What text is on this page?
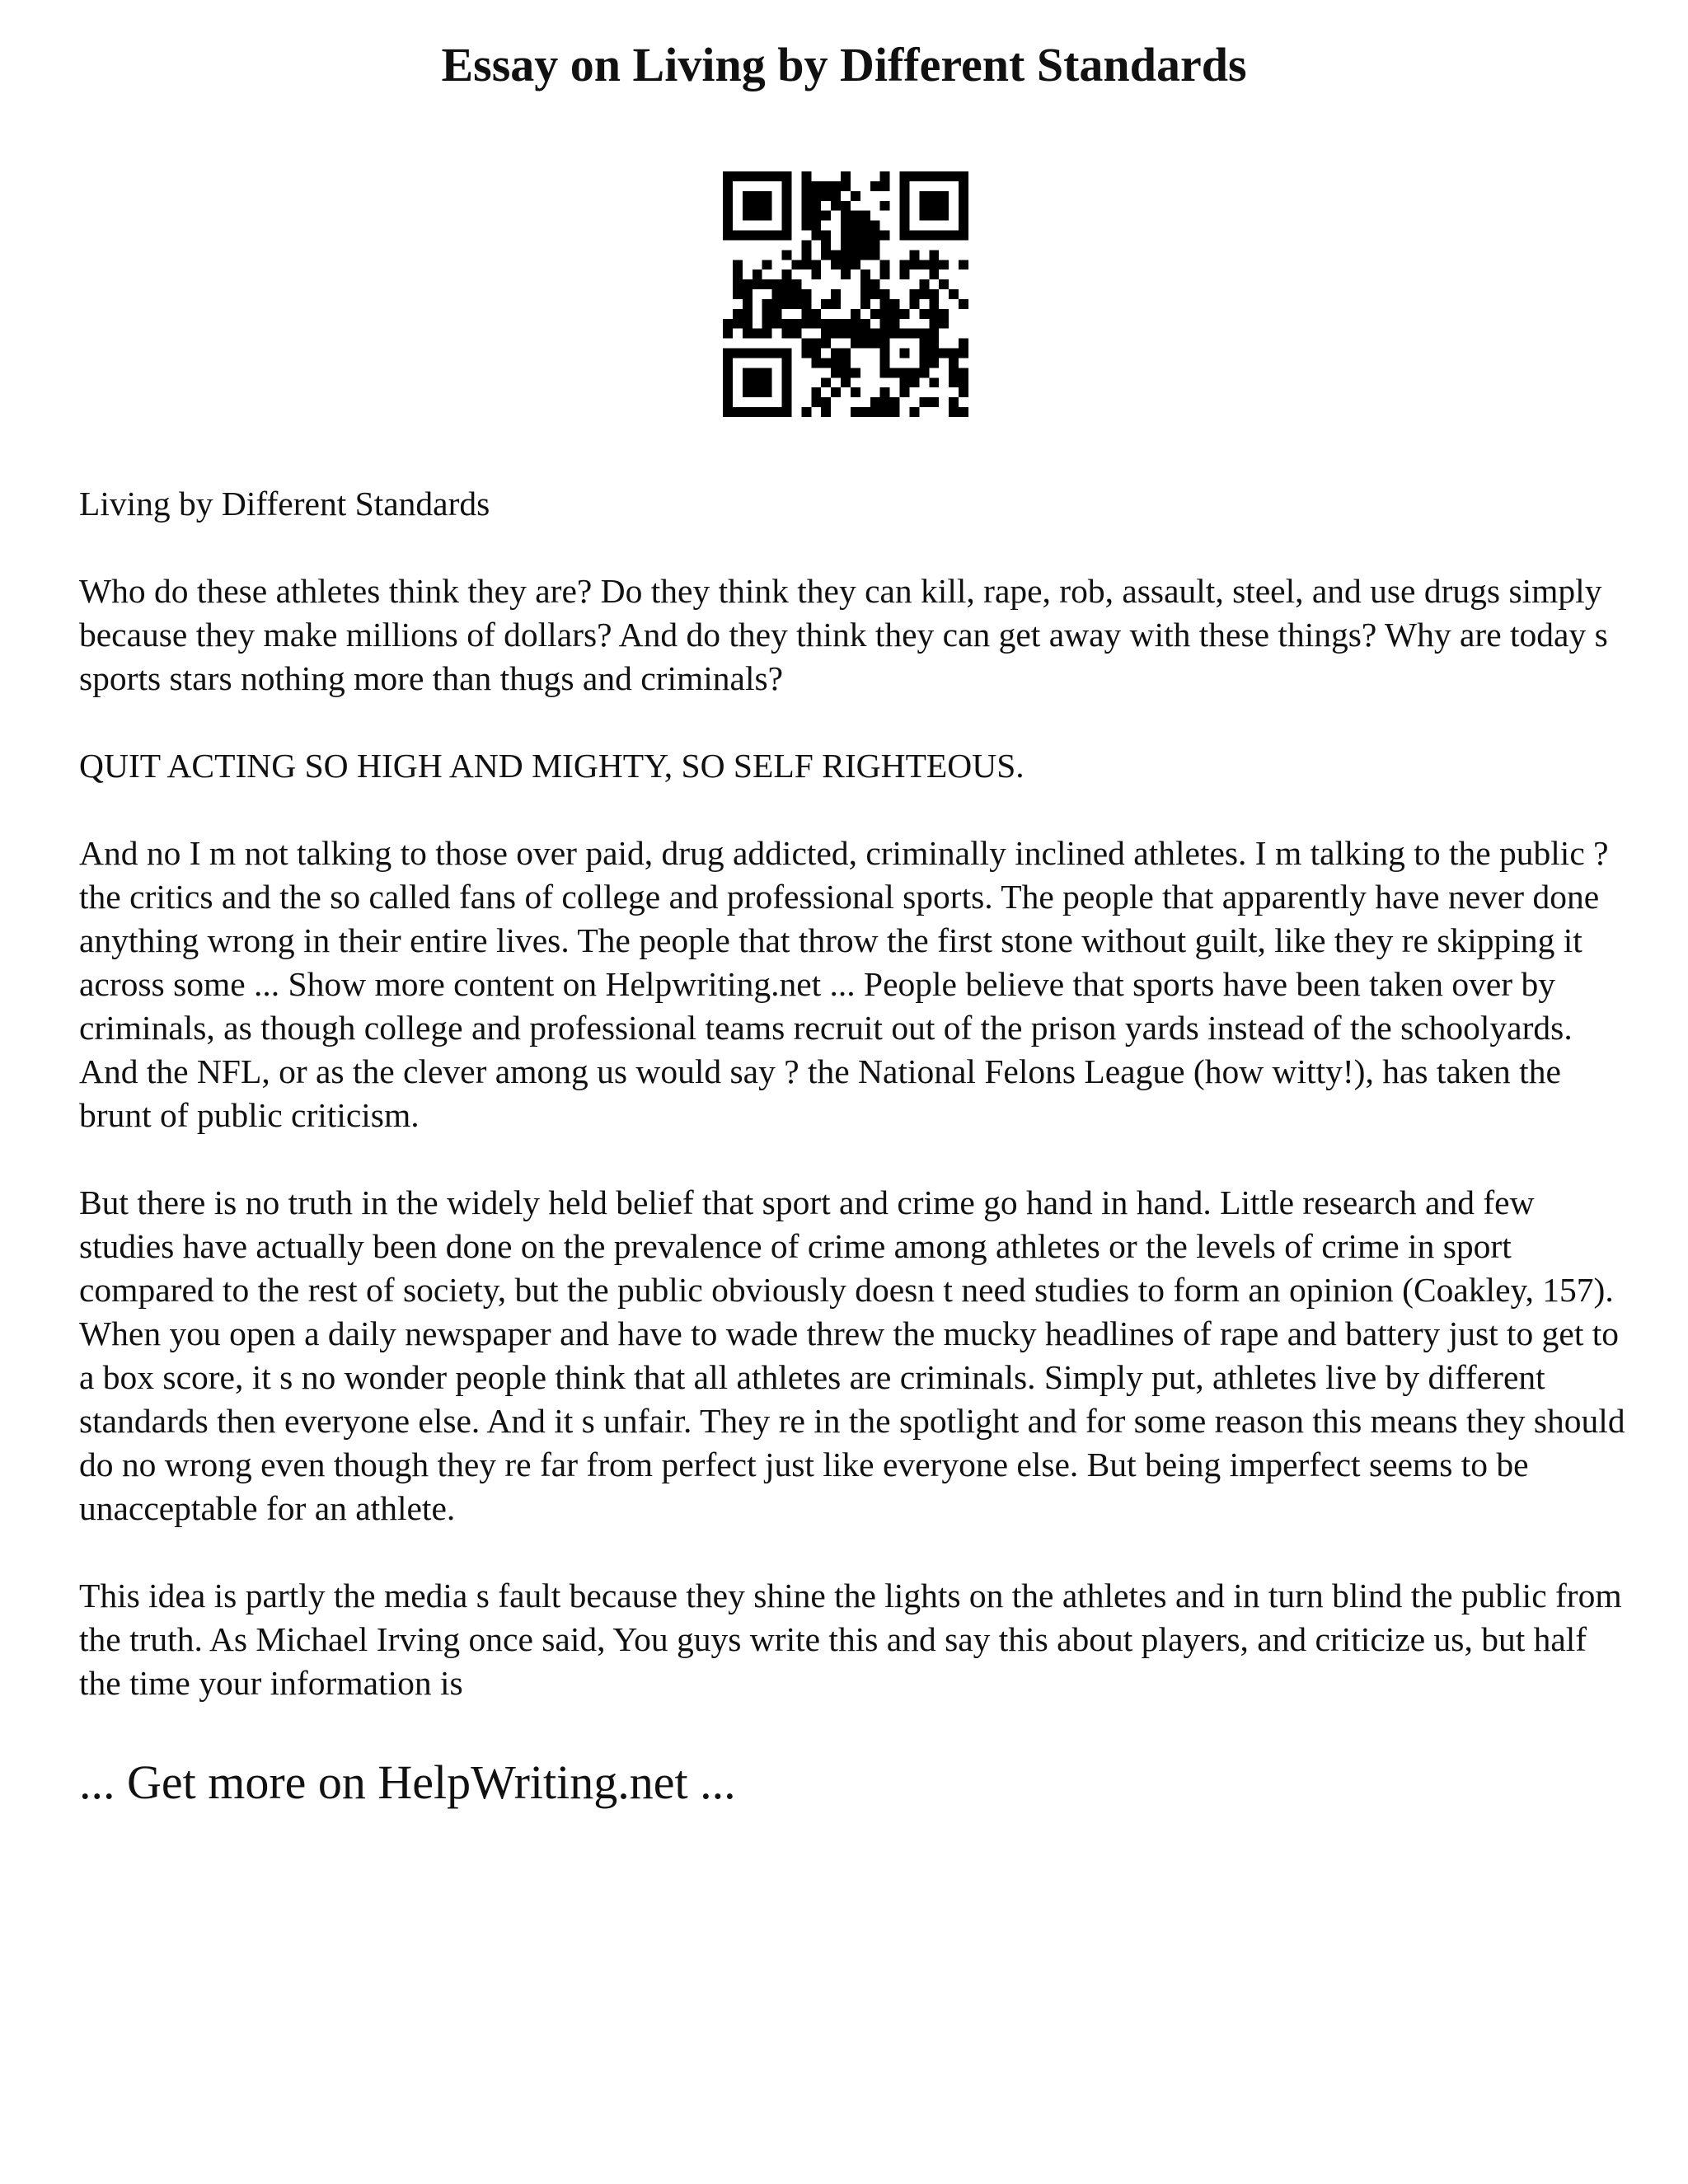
Essay on Living by Different Standards

Living by Different Standards

Who do these athletes think they are? Do they think they can kill, rape, rob, assault, steel, and use drugs simply because they make millions of dollars? And do they think they can get away with these things? Why are today s sports stars nothing more than thugs and criminals?

QUIT ACTING SO HIGH AND MIGHTY, SO SELF RIGHTEOUS.

And no I m not talking to those over paid, drug addicted, criminally inclined athletes. I m talking to the public ? the critics and the so called fans of college and professional sports. The people that apparently have never done anything wrong in their entire lives. The people that throw the first stone without guilt, like they re skipping it across some ... Show more content on Helpwriting.net ... People believe that sports have been taken over by criminals, as though college and professional teams recruit out of the prison yards instead of the schoolyards. And the NFL, or as the clever among us would say ? the National Felons League (how witty!), has taken the brunt of public criticism.

But there is no truth in the widely held belief that sport and crime go hand in hand. Little research and few studies have actually been done on the prevalence of crime among athletes or the levels of crime in sport compared to the rest of society, but the public obviously doesn t need studies to form an opinion (Coakley, 157). When you open a daily newspaper and have to wade threw the mucky headlines of rape and battery just to get to a box score, it s no wonder people think that all athletes are criminals. Simply put, athletes live by different standards then everyone else. And it s unfair. They re in the spotlight and for some reason this means they should do no wrong even though they re far from perfect just like everyone else. But being imperfect seems to be unacceptable for an athlete.

This idea is partly the media s fault because they shine the lights on the athletes and in turn blind the public from the truth. As Michael Irving once said, You guys write this and say this about players, and criticize us, but half the time your information is

... Get more on HelpWriting.net ...
